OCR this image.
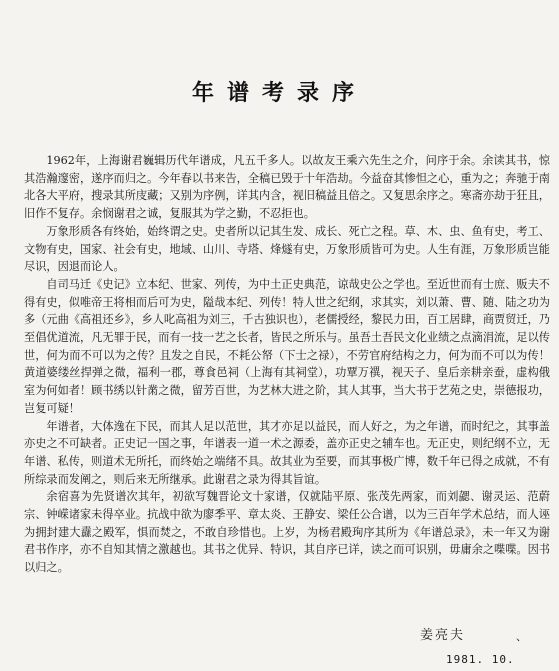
年谱考录序

1962年，上海谢君巍辑历代年谱成，凡五千多人。以故友王乘六先生之介，问序于余。余读其书，惊其浩瀚邃密，遂序而归之。今年春以书来告，全稿已毁于十年浩劫。今益奋其惨怛之心，重为之；奔驰于南北各大平府，搜录其所庋藏；又别为序例，详其内含，视旧稿益且倍之。又复思余序之。寒斋亦劫于狂且，旧作不复存。余悯谢君之诚，复服其为学之勤，不忍拒也。

万象形质各有终始，始终谓之史。史者所以记其生发、成长、死亡之程。草、木、虫、鱼有史，考工、文物有史，国家、社会有史，地域、山川、寺塔、烽燧有史，万象形质皆可为史。人生有涯，万象形质岂能尽识，因退而论人。

自司马迁《史记》立本纪、世家、列传，为中土正史典范，谅哉史公之学也。至近世而有士庶、贩夫不得有史，似唯帝王将相而后可为史，隘哉本纪、列传！特人世之纪纲，求其实，刘以萧、曹、随、陆之功为多（元曲《高祖还乡》，乡人叱高祖为刘三，千古独识也），老儒授经，黎民力田，百工居肆，商贾贸迁，乃至倡优道流，凡无罪于民，而有一技一艺之长者，皆民之所乐与。虽吾土吾民文化业绩之点滴涓流，足以传世，何为而不可以为之传？且发之自民，不耗公帑（下士之禄），不劳官府结构之力，何为而不可以为传！黄道婆缕丝捍弹之微，福利一郡，尊食邑祠（上海有其祠堂），功覃万禩，视天子、皇后亲耕亲蚕，虚构俄室为何如者！顾书绣以针黹之微，留芳百世，为艺林大进之阶，其人其事，当大书于艺苑之史，崇德报功，岂复可疑！

年谱者，大体逸在下民，而其人足以范世，其才亦足以益民，而人好之，为之年谱，而时纪之，其事盖亦史之不可缺者。正史记一国之事，年谱表一道一术之源委，盖亦正史之辅车也。无正史，则纪纲不立，无年谱、私传，则道术无所托，而终始之端绪不具。故其业为至要，而其事极广博，数千年已得之成就，不有所综录而发阐之，则后来无所继承。此谢君之录为得其旨谊。

余宿喜为先贤谱次其年，初欲写魏晋论文十家谱，仅就陆平原、张茂先两家，而刘勰、谢灵运、范蔚宗、钟嵘诸家未得卒业。抗战中欲为廖季平、章太炎、王静安、梁任公合谱，以为三百年学术总结，而人诬为拥封建大纛之殿军，惧而焚之，不敢自珍惜也。上岁，为杨君殿珣序其所为《年谱总录》，未一年又为谢君书作序，亦不自知其情之激越也。其书之优异、特识，其自序已详，读之而可识别，毋庸余之喋喋。因书以归之。

姜亮夫	、
1981. 10.
